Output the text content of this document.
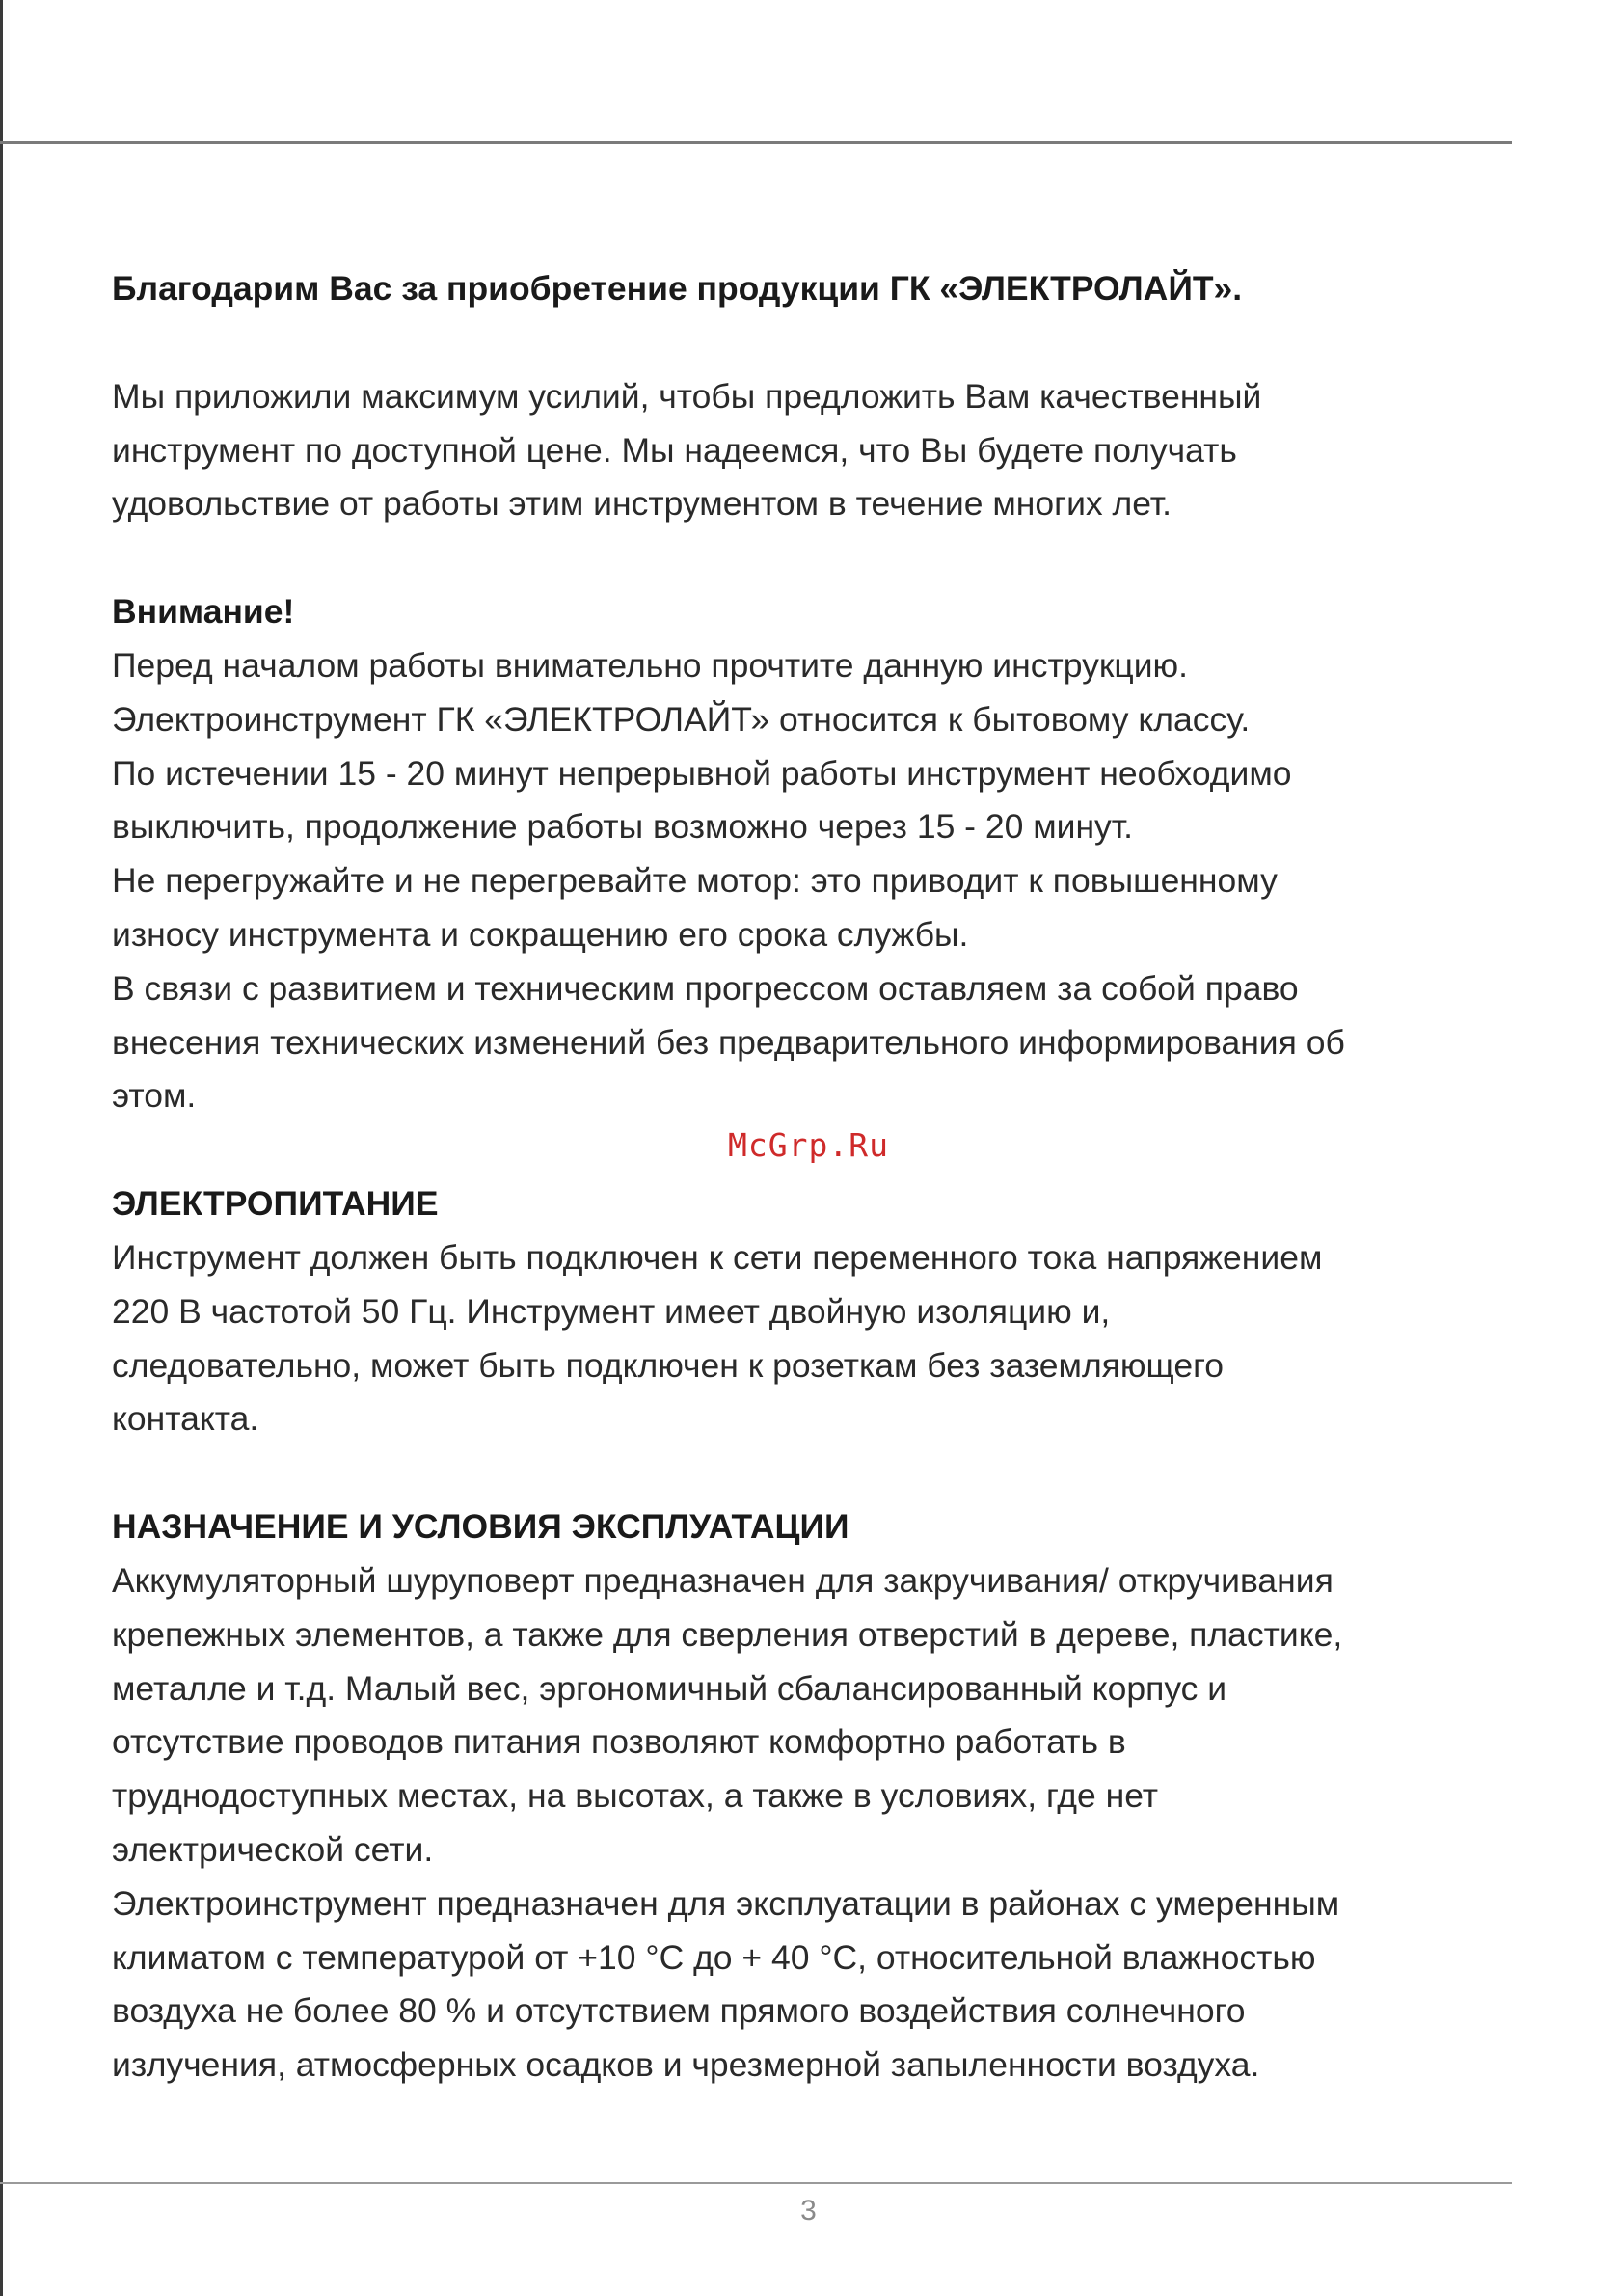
Благодарим Вас за приобретение продукции ГК «ЭЛЕКТРОЛАЙТ».

Мы приложили максимум усилий, чтобы предложить Вам качественный

инструмент по доступной цене. Мы надеемся, что Вы будете получать

удовольствие от работы этим инструментом в течение многих лет.

Внимание!

Перед началом работы внимательно прочтите данную инструкцию.

Электроинструмент ГК «ЭЛЕКТРОЛАЙТ» относится к бытовому классу.

По истечении 15 - 20 минут непрерывной работы инструмент необходимо

выключить, продолжение работы возможно через 15 - 20 минут.

Не перегружайте и не перегревайте мотор: это приводит к повышенному

износу инструмента и сокращению его срока службы.

В связи с развитием и техническим прогрессом оставляем за собой право

внесения технических изменений без предварительного информирования об

этом.

ЭЛЕКТРОПИТАНИЕ

Инструмент должен быть подключен к сети переменного тока напряжением

220 В частотой 50 Гц. Инструмент имеет двойную изоляцию и,

следовательно, может быть подключен к розеткам без заземляющего

контакта.

НАЗНАЧЕНИЕ И УСЛОВИЯ ЭКСПЛУАТАЦИИ

Аккумуляторный шуруповерт предназначен для закручивания/ откручивания

крепежных элементов, а также для сверления отверстий в дереве, пластике,

металле и т.д. Малый вес, эргономичный сбалансированный корпус и

отсутствие проводов питания позволяют комфортно работать в

труднодоступных местах, на высотах, а также в условиях, где нет

электрической сети.

Электроинструмент предназначен для эксплуатации в районах с умеренным

климатом с температурой от +10 °С до + 40 °С, относительной влажностью

воздуха не более 80 % и отсутствием прямого воздействия солнечного

излучения, атмосферных осадков и чрезмерной запыленности воздуха.

McGrp.Ru
3
